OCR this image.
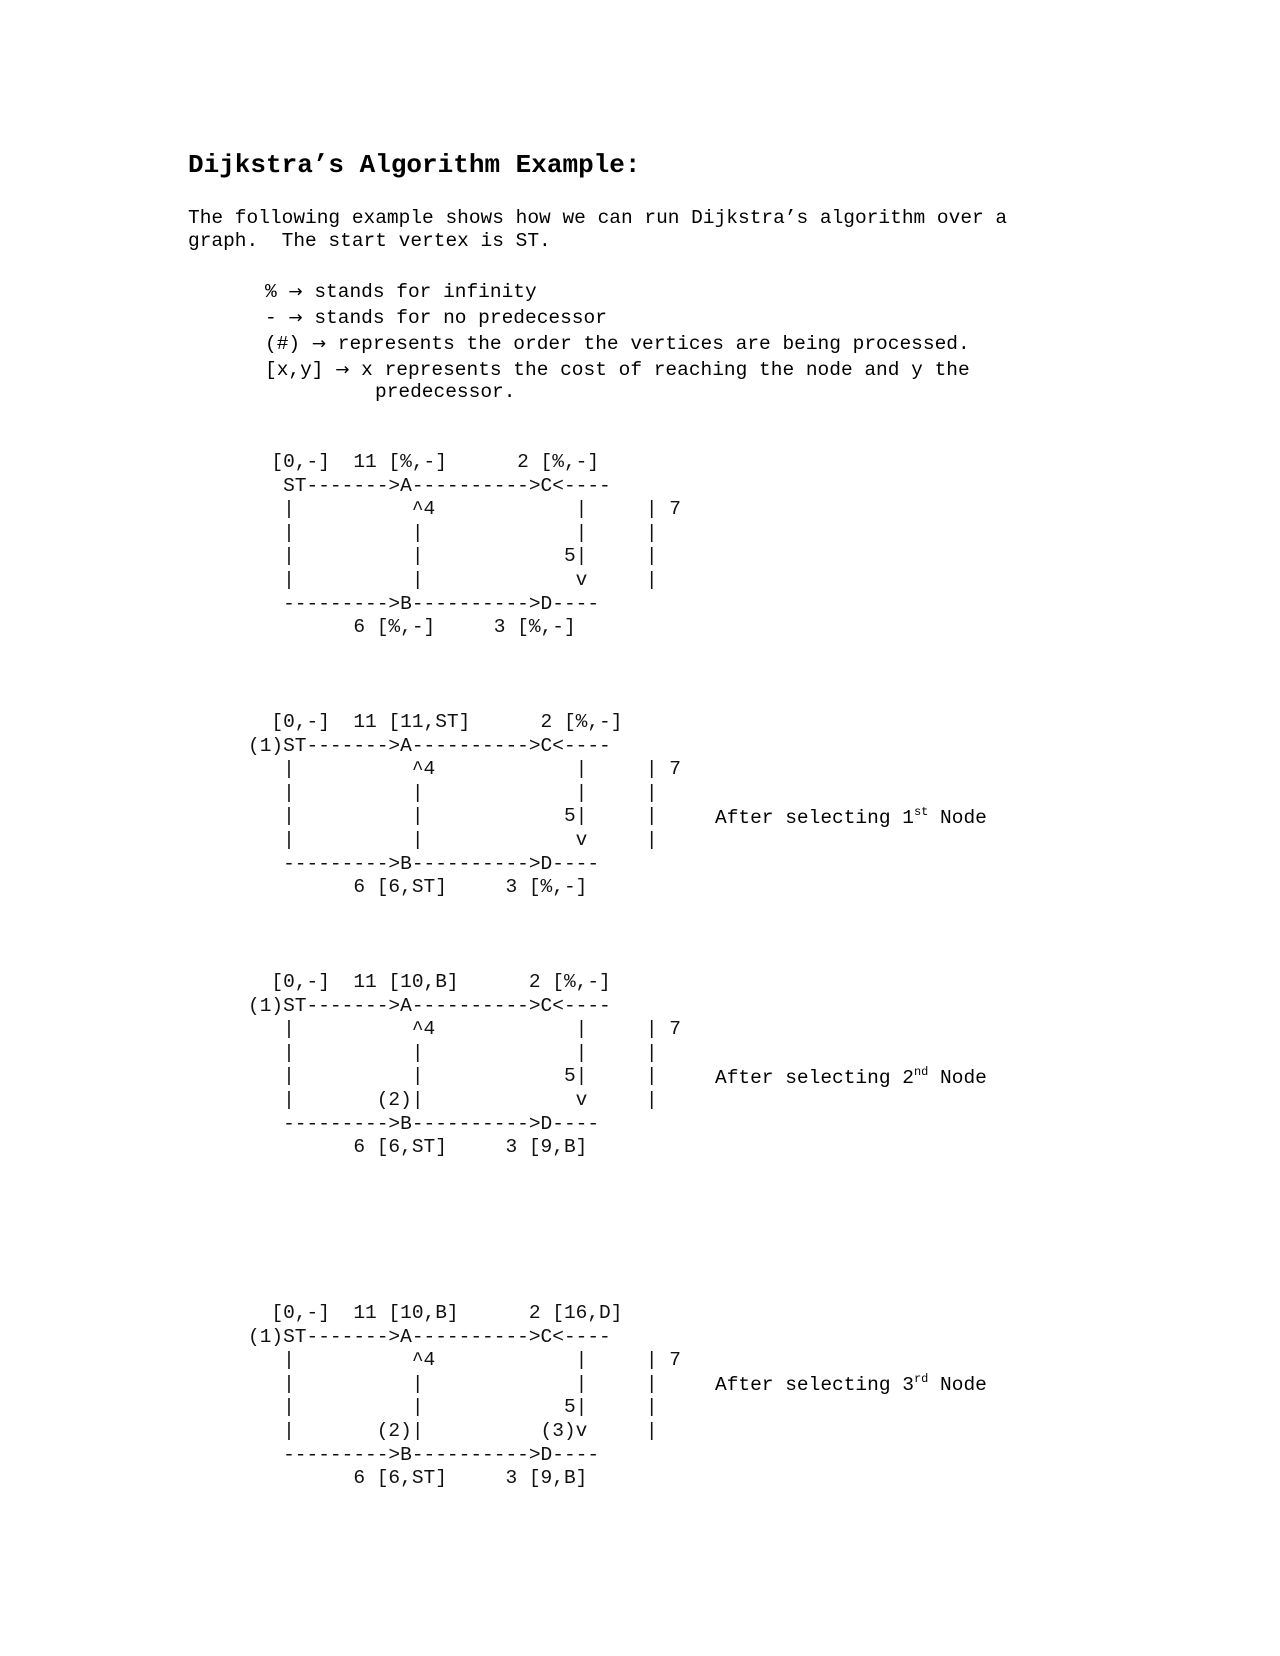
Dijkstra’s Algorithm Example:

The following example shows how we can run Dijkstra’s algorithm over a
graph.  The start vertex is ST.

% → stands for infinity
- → stands for no predecessor
(#) → represents the order the vertices are being processed.
[x,y] → x represents the cost of reaching the node and y the
predecessor.
[0,-]  11 [%,-]      2 [%,-]
ST------->A---------->C<----
|          ^4            |     | 7
|          |             |     |
|          |            5|     |
|          |             v     |
--------->B---------->D----
6 [%,-]     3 [%,-]
[0,-]  11 [11,ST]      2 [%,-]
(1)ST------->A---------->C<----
|          ^4            |     | 7
|          |             |     |
|          |            5|     |
|          |             v     |
--------->B---------->D----
6 [6,ST]     3 [%,-]

After selecting 1st Node

[0,-]  11 [10,B]      2 [%,-]
(1)ST------->A---------->C<----
|          ^4            |     | 7
|          |             |     |
|          |            5|     |
|       (2)|             v     |
--------->B---------->D----
6 [6,ST]     3 [9,B]

After selecting 2nd Node

[0,-]  11 [10,B]      2 [16,D]
(1)ST------->A---------->C<----
|          ^4            |     | 7
|          |             |     |
|          |            5|     |
|       (2)|          (3)v     |
--------->B---------->D----
6 [6,ST]     3 [9,B]

After selecting 3rd Node
